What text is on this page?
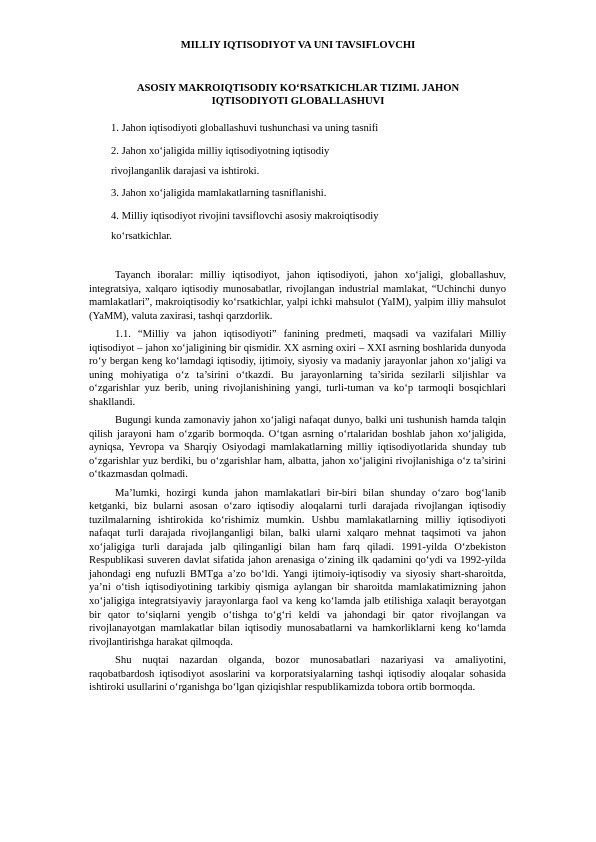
MILLIY IQTISODIYOT VA UNI TAVSIFLOVCHI
ASOSIY MAKROIQTISODIY KO‘RSATKICHLAR TIZIMI. JAHON
IQTISODIYOTI GLOBALLASHUVI

1. Jahon iqtisodiyoti globallashuvi tushunchasi va uning tasnifi

2. Jahon xo‘jaligida milliy iqtisodiyotning iqtisodiy

rivojlanganlik darajasi va ishtiroki.

3. Jahon xo‘jaligida mamlakatlarning tasniflanishi.

4. Milliy iqtisodiyot rivojini tavsiflovchi asosiy makroiqtisodiy

ko‘rsatkichlar.

Tayanch iboralar: milliy iqtisodiyot, jahon iqtisodiyoti, jahon xo‘jaligi, globallashuv, integratsiya, xalqaro iqtisodiy munosabatlar, rivojlangan industrial mamlakat, “Uchinchi dunyo mamlakatlari”, makroiqtisodiy ko‘rsatkichlar, yalpi ichki mahsulot (YaIM), yalpim illiy mahsulot (YaMM), valuta zaxirasi, tashqi qarzdorlik.

1.1. “Milliy va jahon iqtisodiyoti” fanining predmeti, maqsadi va vazifalari Milliy iqtisodiyot – jahon xo‘jaligining bir qismidir. XX asrning oxiri – XXI asrning boshlarida dunyoda ro‘y bergan keng ko‘lamdagi iqtisodiy, ijtimoiy, siyosiy va madaniy jarayonlar jahon xo‘jaligi va uning mohiyatiga o‘z ta’sirini o‘tkazdi. Bu jarayonlarning ta’sirida sezilarli siljishlar va o‘zgarishlar yuz berib, uning rivojlanishining yangi, turli-tuman va ko‘p tarmoqli bosqichlari shakllandi.

Bugungi kunda zamonaviy jahon xo‘jaligi nafaqat dunyo, balki uni tushunish hamda talqin qilish jarayoni ham o‘zgarib bormoqda. O‘tgan asrning o‘rtalaridan boshlab jahon xo‘jaligida, ayniqsa, Yevropa va Sharqiy Osiyodagi mamlakatlarning milliy iqtisodiyotlarida shunday tub o‘zgarishlar yuz berdiki, bu o‘zgarishlar ham, albatta, jahon xo‘jaligini rivojlanishiga o‘z ta’sirini o‘tkazmasdan qolmadi.

Ma’lumki, hozirgi kunda jahon mamlakatlari bir-biri bilan shunday o‘zaro bog‘lanib ketganki, biz bularni asosan o‘zaro iqtisodiy aloqalarni turli darajada rivojlangan iqtisodiy tuzilmalarning ishtirokida ko‘rishimiz mumkin. Ushbu mamlakatlarning milliy iqtisodiyoti nafaqat turli darajada rivojlanganligi bilan, balki ularni xalqaro mehnat taqsimoti va jahon xo‘jaligiga turli darajada jalb qilinganligi bilan ham farq qiladi. 1991-yilda O‘zbekiston Respublikasi suveren davlat sifatida jahon arenasiga o‘zining ilk qadamini qo‘ydi va 1992-yilda jahondagi eng nufuzli BMTga a’zo bo‘ldi. Yangi ijtimoiy-iqtisodiy va siyosiy shart-sharoitda, ya’ni o‘tish iqtisodiyotining tarkibiy qismiga aylangan bir sharoitda mamlakatimizning jahon xo‘jaligiga integratsiyaviy jarayonlarga faol va keng ko‘lamda jalb etilishiga xalaqit berayotgan bir qator to‘siqlarni yengib o‘tishga to‘g‘ri keldi va jahondagi bir qator rivojlangan va rivojlanayotgan mamlakatlar bilan iqtisodiy munosabatlarni va hamkorliklarni keng ko‘lamda rivojlantirishga harakat qilmoqda.

Shu nuqtai nazardan olganda, bozor munosabatlari nazariyasi va amaliyotini, raqobatbardosh iqtisodiyot asoslarini va korporatsiyalarning tashqi iqtisodiy aloqalar sohasida ishtiroki usullarini o‘rganishga bo‘lgan qiziqishlar respublikamizda tobora ortib bormoqda.
